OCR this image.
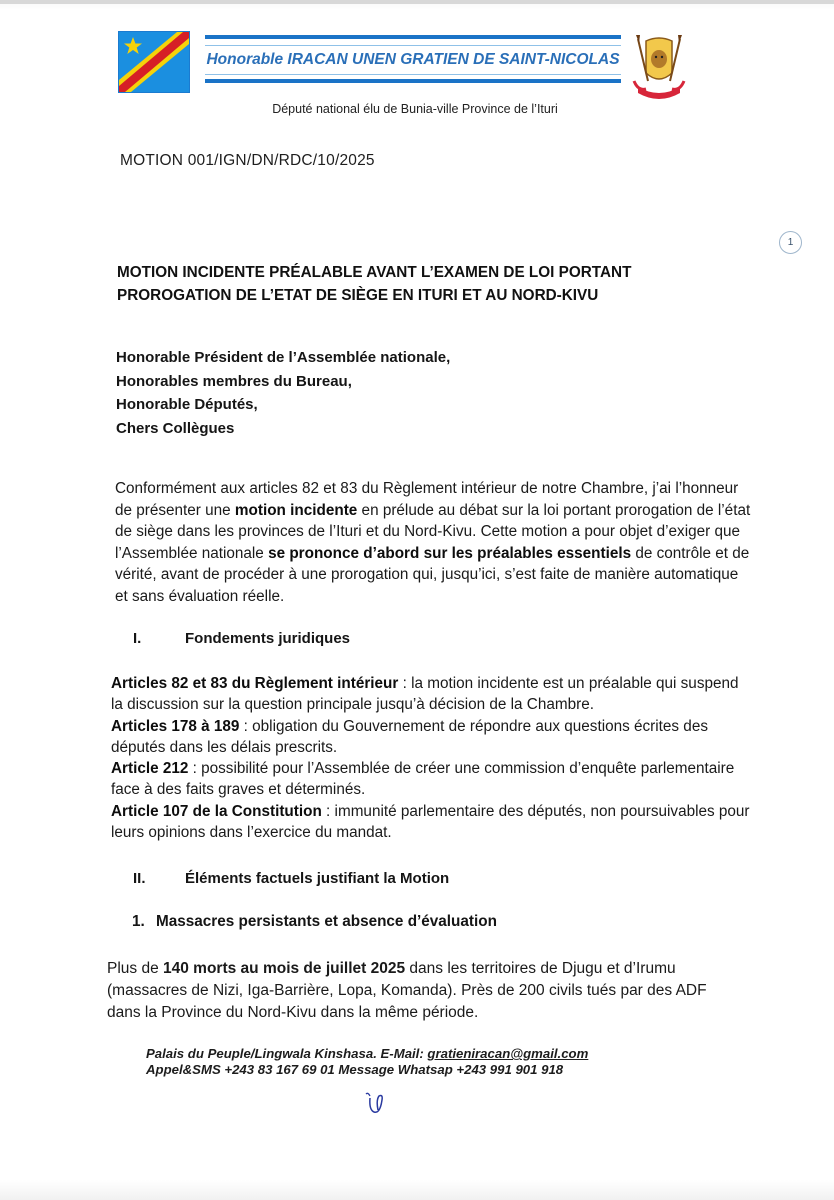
Honorable IRACAN UNEN GRATIEN DE SAINT-NICOLAS
Député national élu de Bunia-ville Province de l’Ituri
MOTION 001/IGN/DN/RDC/10/2025
1
MOTION INCIDENTE PRÉALABLE AVANT L’EXAMEN DE LOI PORTANT
PROROGATION DE L’ETAT DE SIÈGE EN ITURI ET AU NORD-KIVU
Honorable Président de l’Assemblée nationale,
Honorables membres du Bureau,
Honorable Députés,
Chers Collègues
Conformément aux articles 82 et 83 du Règlement intérieur de notre Chambre, j’ai l’honneur de présenter une motion incidente en prélude au débat sur la loi portant prorogation de l’état de siège dans les provinces de l’Ituri et du Nord-Kivu. Cette motion a pour objet d’exiger que l’Assemblée nationale se prononce d’abord sur les préalables essentiels de contrôle et de vérité, avant de procéder à une prorogation qui, jusqu’ici, s’est faite de manière automatique et sans évaluation réelle.
I.	Fondements juridiques
Articles 82 et 83 du Règlement intérieur : la motion incidente est un préalable qui suspend la discussion sur la question principale jusqu’à décision de la Chambre.
Articles 178 à 189 : obligation du Gouvernement de répondre aux questions écrites des députés dans les délais prescrits.
Article 212 : possibilité pour l’Assemblée de créer une commission d’enquête parlementaire face à des faits graves et déterminés.
Article 107 de la Constitution : immunité parlementaire des députés, non poursuivables pour leurs opinions dans l’exercice du mandat.
II.	Éléments factuels justifiant la Motion
1. Massacres persistants et absence d’évaluation
Plus de 140 morts au mois de juillet 2025 dans les territoires de Djugu et d’Irumu (massacres de Nizi, Iga-Barrière, Lopa, Komanda). Près de 200 civils tués par des ADF dans la Province du Nord-Kivu dans la même période.
Palais du Peuple/Lingwala Kinshasa. E-Mail: gratieniracan@gmail.com
Appel&SMS +243 83 167 69 01 Message Whatsap +243 991 901 918
